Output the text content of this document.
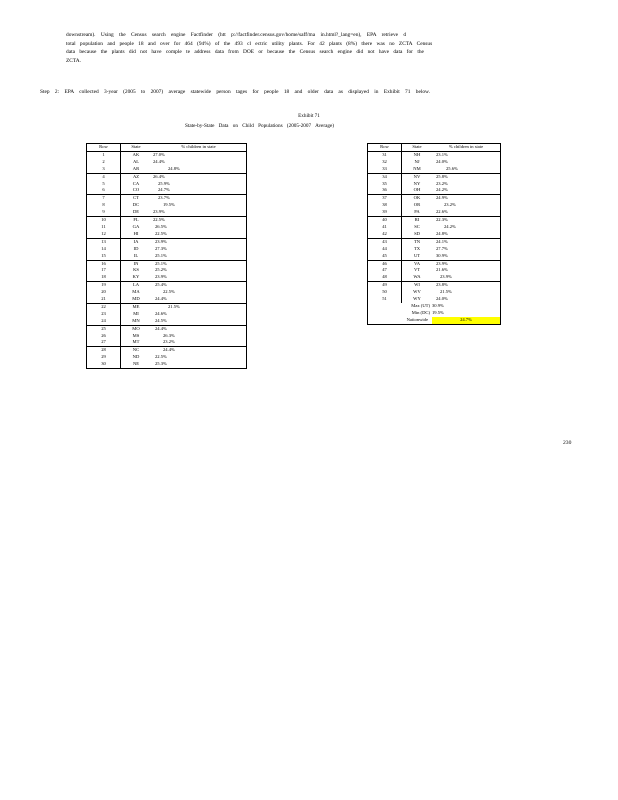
downstream). Using the Census search engine Factfinder (htt p://factfinder.census.gov/home/saff/ma in.html?_lang=en), EPA retrieve d
total population and people 18 and over for 464 (94%) of the 493 cl ectric utility plants. For 42 plants (8%) there was no ZCTA Census
data because the plants did not have comple te address data from DOE or because the Census search engine did not have data for the
ZCTA.
Step 2: EPA collected 3-year (2005 to 2007) average statewide person tages for people 18 and older data as displayed in Exhibit 71 below.
Exhibit 71
State-by-State Data on Child Populations (2005-2007 Average)
Row	State	% children in state
1	AK	27.0%
2	AL	24.4%
3	AR	24.8%
4	AZ	26.4%
5	CA	25.9%
6	CO	24.7%
7	CT	23.7%
8	DC	19.5%
9	DE	23.9%
10	FL	22.5%
11	GA	26.5%
12	HI	22.5%
13	IA	23.9%
14	ID	27.3%
15	IL	25.1%
16	IN	25.1%
17	KS	25.2%
18	KY	23.9%
19	LA	25.4%
20	MA	22.5%
21	MD	24.4%
22	ME	21.5%
23	MI	24.6%
24	MN	24.5%
25	MO	24.4%
26	MS	26.3%
27	MT	23.2%
28	NC	24.4%
29	ND	22.5%
30	NE	25.3%
Row	State	% children in state
31	NH	23.1%
32	NJ	24.0%
33	NM	25.6%
34	NV	25.8%
35	NY	23.2%
36	OH	24.2%
37	OK	24.9%
38	OR	23.2%
39	PA	22.6%
40	RI	22.3%
41	SC	24.2%
42	SD	24.8%
43	TN	24.1%
44	TX	27.7%
45	UT	30.9%
46	VA	23.9%
47	VT	21.6%
48	WA	23.9%
49	WI	23.8%
50	WV	21.5%
51	WY	24.0%
Max (UT)		30.9%
Min (DC)		19.5%
Nationwide		24.7%
230
